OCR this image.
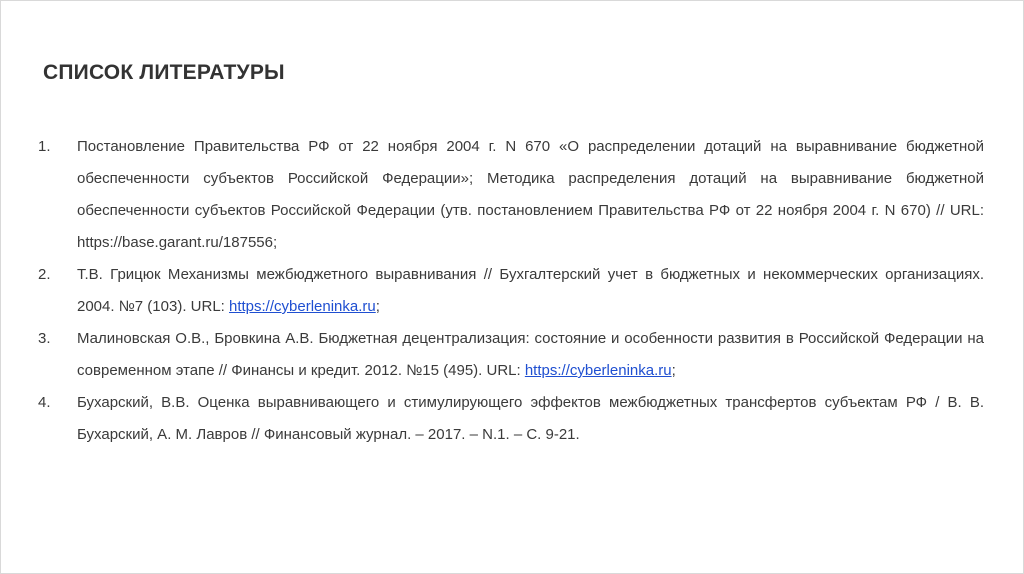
СПИСОК ЛИТЕРАТУРЫ
1. Постановление Правительства РФ от 22 ноября 2004 г. N 670 «О распределении дотаций на выравнивание бюджетной обеспеченности субъектов Российской Федерации»; Методика распределения дотаций на выравнивание бюджетной обеспеченности субъектов Российской Федерации (утв. постановлением Правительства РФ от 22 ноября 2004 г. N 670) // URL: https://base.garant.ru/187556;
2. Т.В. Грицюк Механизмы межбюджетного выравнивания // Бухгалтерский учет в бюджетных и некоммерческих организациях. 2004. №7 (103). URL: https://cyberleninka.ru;
3. Малиновская О.В., Бровкина А.В. Бюджетная децентрализация: состояние и особенности развития в Российской Федерации на современном этапе // Финансы и кредит. 2012. №15 (495). URL: https://cyberleninka.ru;
4. Бухарский, В.В. Оценка выравнивающего и стимулирующего эффектов межбюджетных трансфертов субъектам РФ / В. В. Бухарский, А. М. Лавров // Финансовый журнал. – 2017. – N.1. – С. 9-21.
